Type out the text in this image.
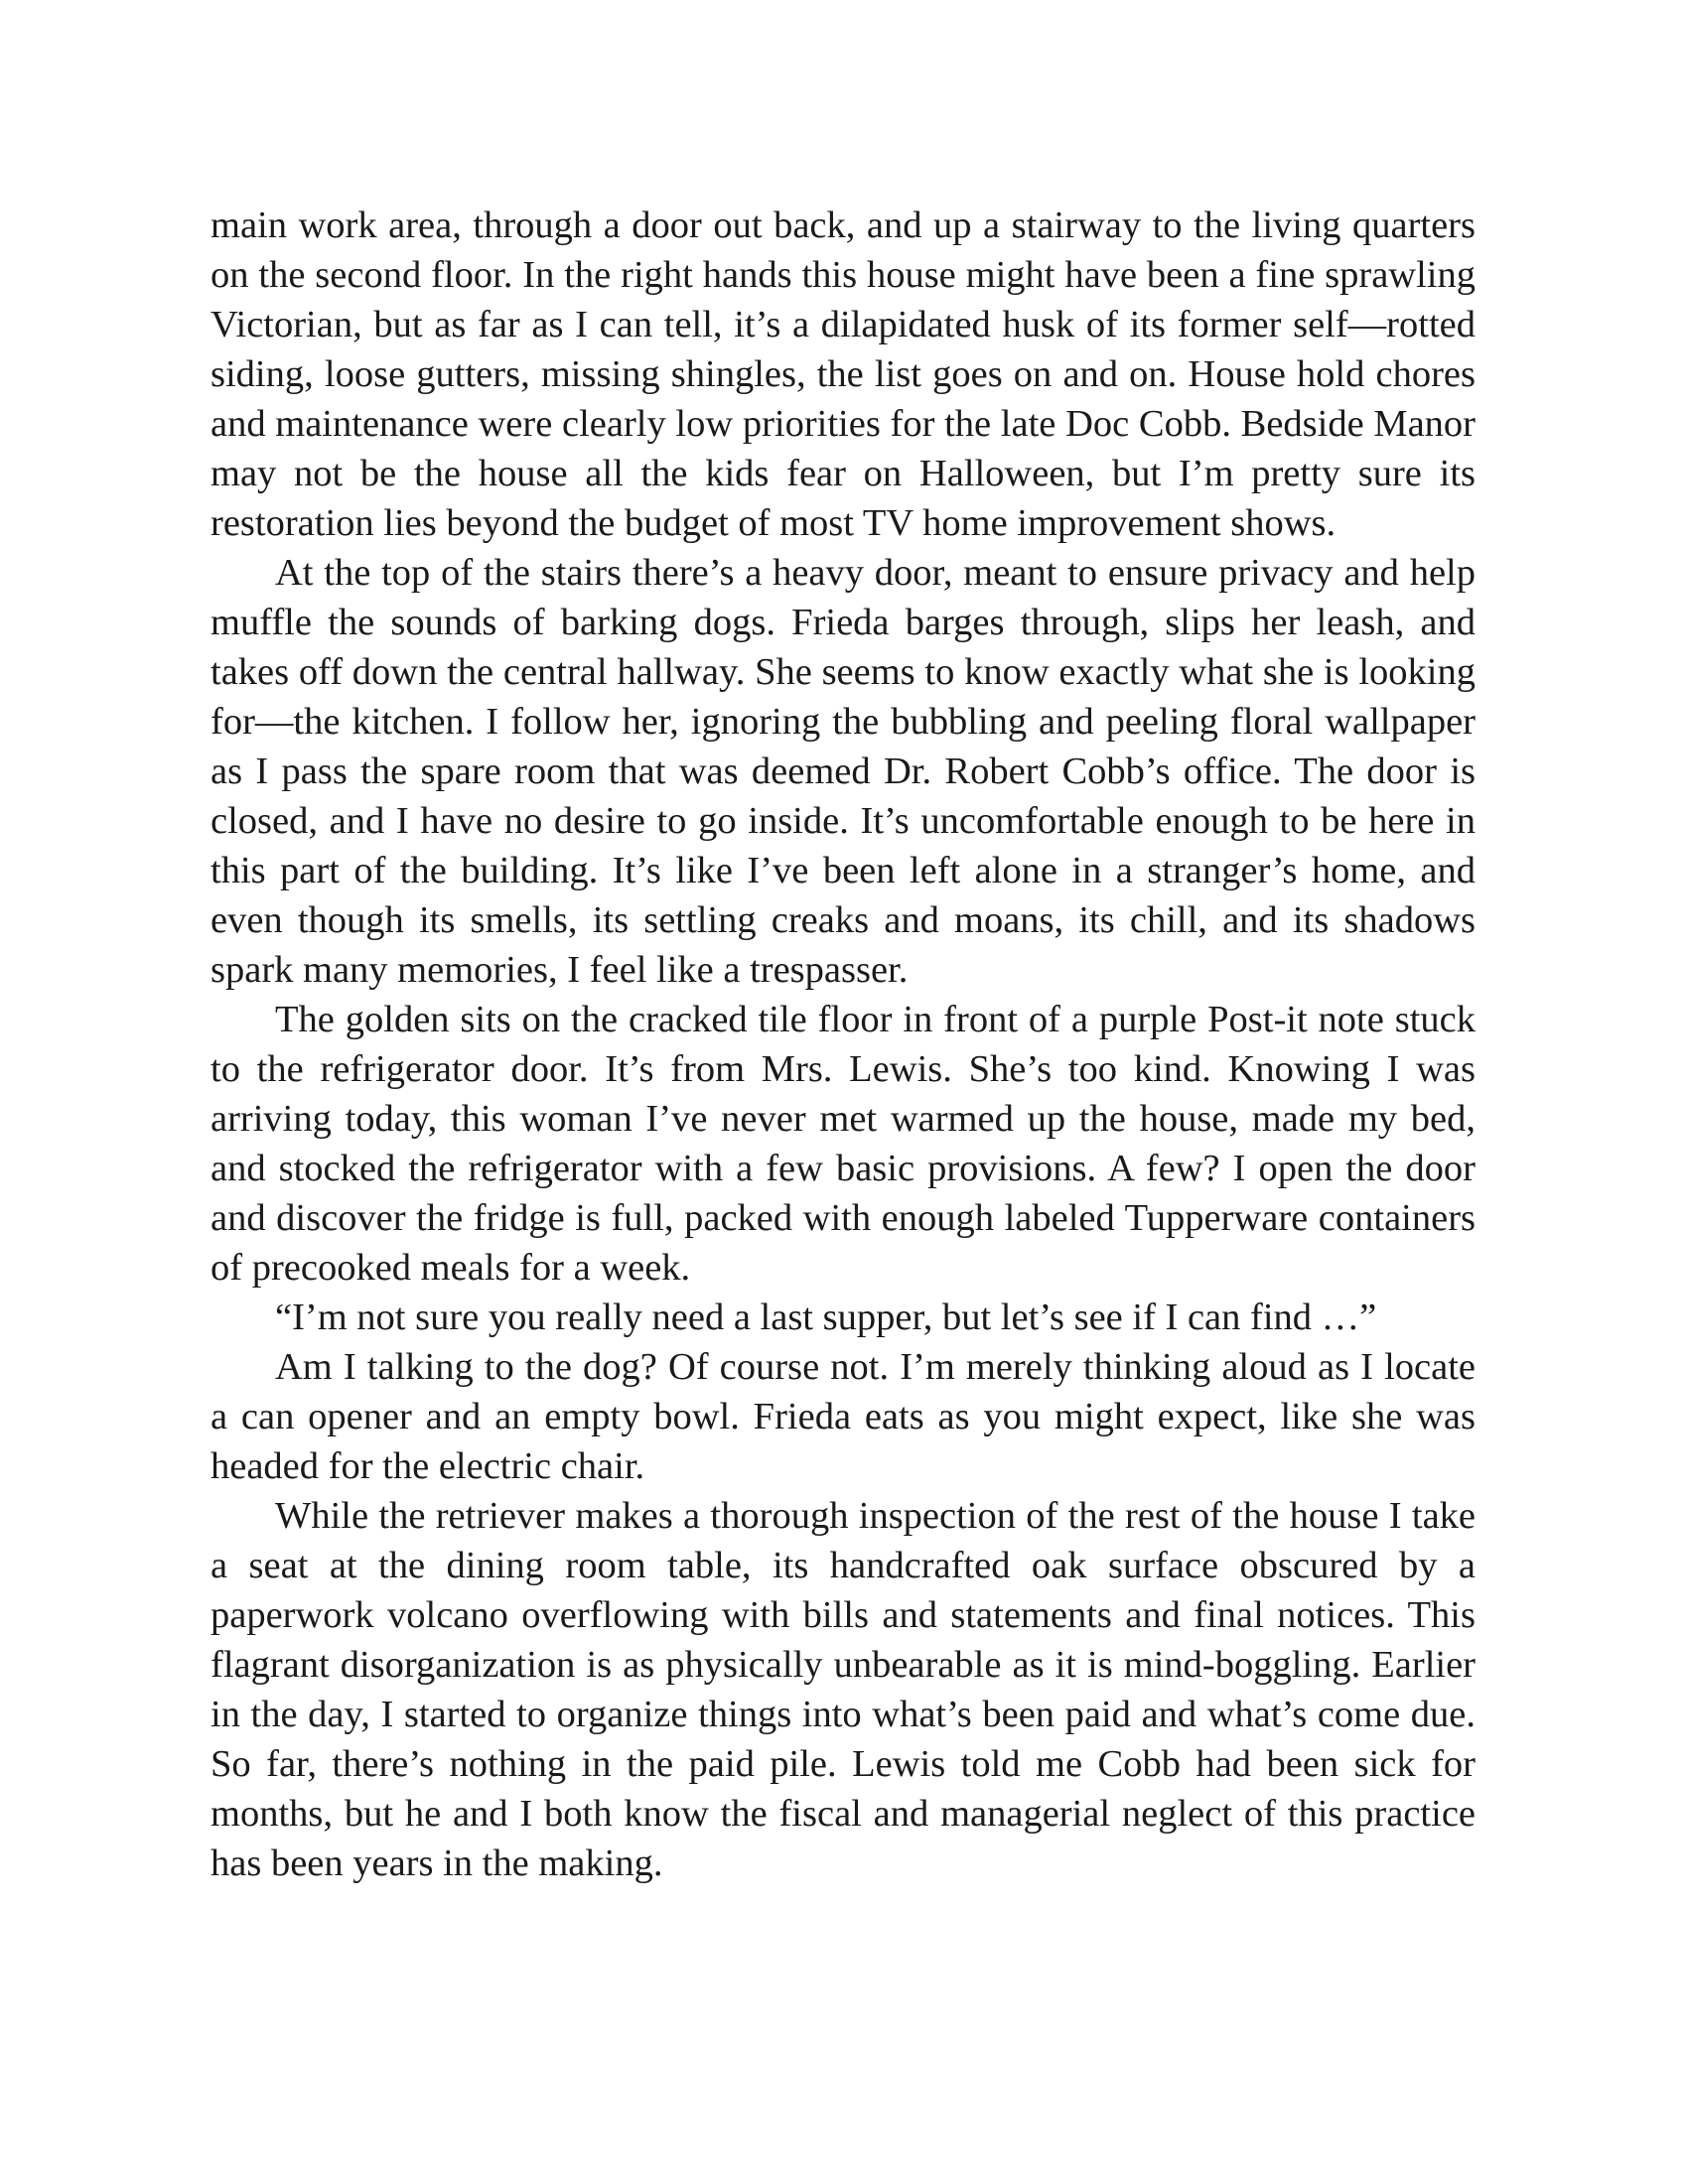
main work area, through a door out back, and up a stairway to the living quarters on the second floor. In the right hands this house might have been a fine sprawling Victorian, but as far as I can tell, it’s a dilapidated husk of its former self—rotted siding, loose gutters, missing shingles, the list goes on and on. House hold chores and maintenance were clearly low priorities for the late Doc Cobb. Bedside Manor may not be the house all the kids fear on Halloween, but I’m pretty sure its restoration lies beyond the budget of most TV home improvement shows.

At the top of the stairs there’s a heavy door, meant to ensure privacy and help muffle the sounds of barking dogs. Frieda barges through, slips her leash, and takes off down the central hallway. She seems to know exactly what she is looking for—the kitchen. I follow her, ignoring the bubbling and peeling floral wallpaper as I pass the spare room that was deemed Dr. Robert Cobb’s office. The door is closed, and I have no desire to go inside. It’s uncomfortable enough to be here in this part of the building. It’s like I’ve been left alone in a stranger’s home, and even though its smells, its settling creaks and moans, its chill, and its shadows spark many memories, I feel like a trespasser.

The golden sits on the cracked tile floor in front of a purple Post-it note stuck to the refrigerator door. It’s from Mrs. Lewis. She’s too kind. Knowing I was arriving today, this woman I’ve never met warmed up the house, made my bed, and stocked the refrigerator with a few basic provisions. A few? I open the door and discover the fridge is full, packed with enough labeled Tupperware containers of precooked meals for a week.

“I’m not sure you really need a last supper, but let’s see if I can find …”

Am I talking to the dog? Of course not. I’m merely thinking aloud as I locate a can opener and an empty bowl. Frieda eats as you might expect, like she was headed for the electric chair.

While the retriever makes a thorough inspection of the rest of the house I take a seat at the dining room table, its handcrafted oak surface obscured by a paperwork volcano overflowing with bills and statements and final notices. This flagrant disorganization is as physically unbearable as it is mind-boggling. Earlier in the day, I started to organize things into what’s been paid and what’s come due. So far, there’s nothing in the paid pile. Lewis told me Cobb had been sick for months, but he and I both know the fiscal and managerial neglect of this practice has been years in the making.
